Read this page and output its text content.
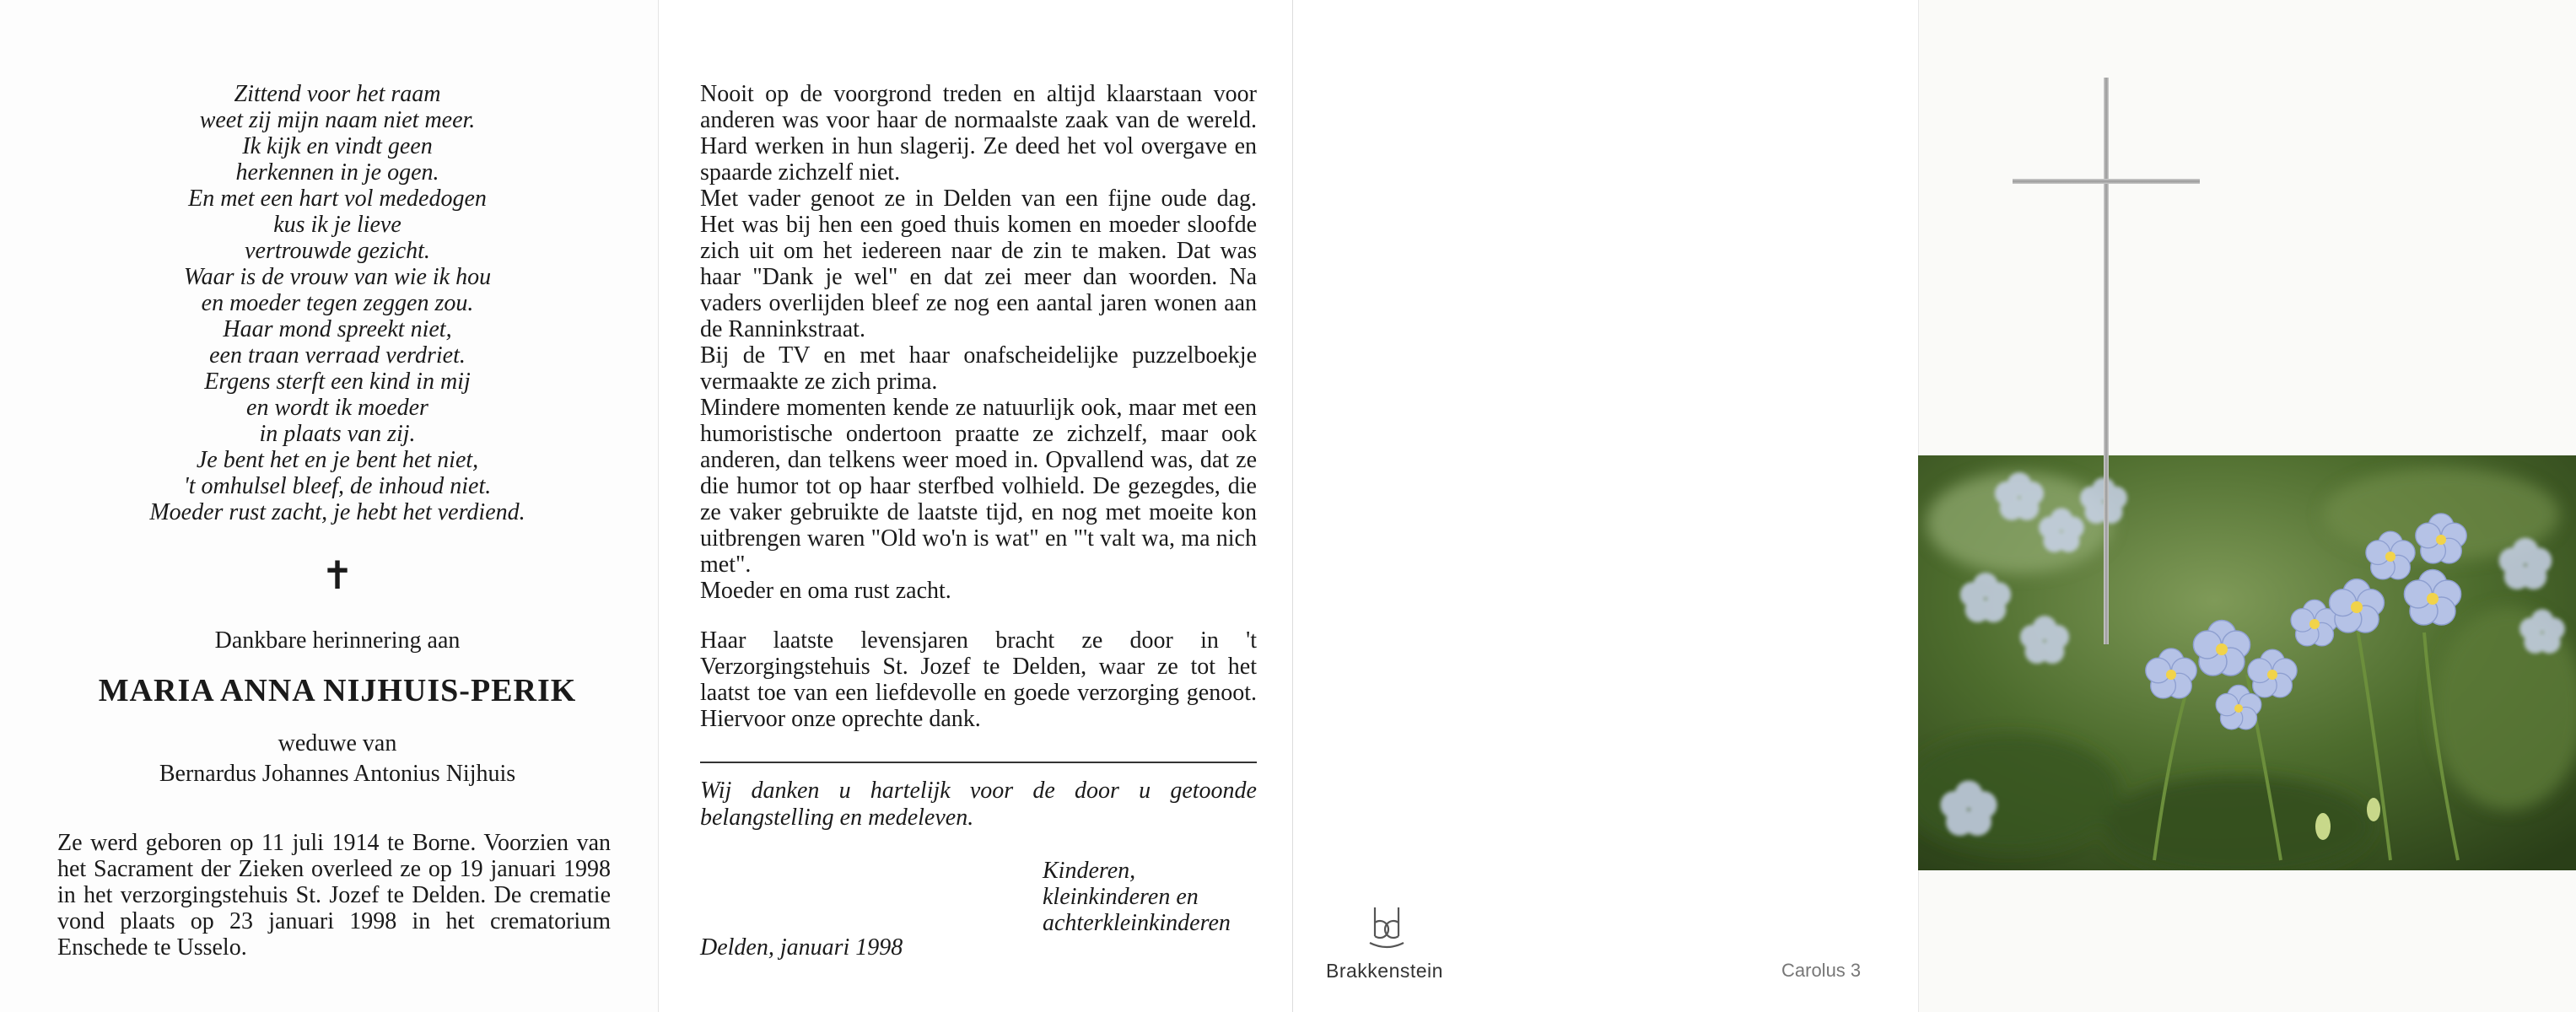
Zittend voor het raam
weet zij mijn naam niet meer.
Ik kijk en vindt geen
herkennen in je ogen.
En met een hart vol mededogen
kus ik je lieve
vertrouwde gezicht.
Waar is de vrouw van wie ik hou
en moeder tegen zeggen zou.
Haar mond spreekt niet,
een traan verraad verdriet.
Ergens sterft een kind in mij
en wordt ik moeder
in plaats van zij.
Je bent het en je bent het niet,
't omhulsel bleef, de inhoud niet.
Moeder rust zacht, je hebt het verdiend.
✝
Dankbare herinnering aan
MARIA ANNA NIJHUIS-PERIK
weduwe van
Bernardus Johannes Antonius Nijhuis
Ze werd geboren op 11 juli 1914 te Borne. Voorzien van het Sacrament der Zieken overleed ze op 19 januari 1998 in het verzorgingstehuis St. Jozef te Delden. De crematie vond plaats op 23 januari 1998 in het crematorium Enschede te Usselo.

Nooit op de voorgrond treden en altijd klaarstaan voor anderen was voor haar de normaalste zaak van de wereld. Hard werken in hun slagerij. Ze deed het vol overgave en spaarde zichzelf niet.

Met vader genoot ze in Delden van een fijne oude dag. Het was bij hen een goed thuis komen en moeder sloofde zich uit om het iedereen naar de zin te maken. Dat was haar "Dank je wel" en dat zei meer dan woorden. Na vaders overlijden bleef ze nog een aantal jaren wonen aan de Ranninkstraat.

Bij de TV en met haar onafscheidelijke puzzelboekje vermaakte ze zich prima.

Mindere momenten kende ze natuurlijk ook, maar met een humoristische ondertoon praatte ze zichzelf, maar ook anderen, dan telkens weer moed in. Opvallend was, dat ze die humor tot op haar sterfbed volhield. De gezegdes, die ze vaker gebruikte de laatste tijd, en nog met moeite kon uitbrengen waren "Old wo'n is wat" en "'t valt wa, ma nich met".

Moeder en oma rust zacht.

Haar laatste levensjaren bracht ze door in 't Verzorgingstehuis St. Jozef te Delden, waar ze tot het laatst toe van een liefdevolle en goede verzorging genoot. Hiervoor onze oprechte dank.

Wij danken u hartelijk voor de door u getoonde belangstelling en medeleven.
Kinderen,
kleinkinderen en
achterkleinkinderen
Delden, januari 1998
Brakkenstein	Carolus 3
